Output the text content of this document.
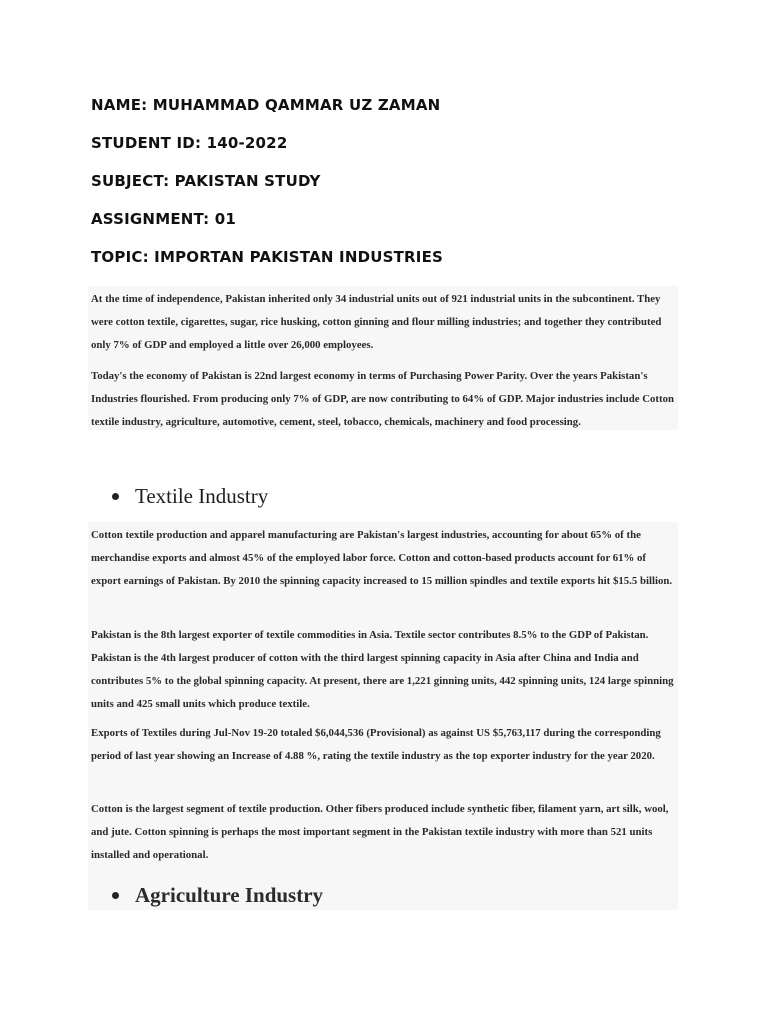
NAME: MUHAMMAD QAMMAR UZ ZAMAN

STUDENT ID: 140-2022

SUBJECT: PAKISTAN STUDY

ASSIGNMENT: 01

TOPIC: IMPORTAN PAKISTAN INDUSTRIES

At the time of independence, Pakistan inherited only 34 industrial units out of 921 industrial units in the subcontinent. They were cotton textile, cigarettes, sugar, rice husking, cotton ginning and flour milling industries; and together they contributed only 7% of GDP and employed a little over 26,000 employees.

Today's the economy of Pakistan is 22nd largest economy in terms of Purchasing Power Parity. Over the years Pakistan's Industries flourished. From producing only 7% of GDP, are now contributing to 64% of GDP. Major industries include Cotton textile industry, agriculture, automotive, cement, steel, tobacco, chemicals, machinery and food processing.

Textile Industry

Cotton textile production and apparel manufacturing are Pakistan's largest industries, accounting for about 65% of the merchandise exports and almost 45% of the employed labor force. Cotton and cotton-based products account for 61% of export earnings of Pakistan. By 2010 the spinning capacity increased to 15 million spindles and textile exports hit $15.5 billion.

Pakistan is the 8th largest exporter of textile commodities in Asia. Textile sector contributes 8.5% to the GDP of Pakistan. Pakistan is the 4th largest producer of cotton with the third largest spinning capacity in Asia after China and India and contributes 5% to the global spinning capacity. At present, there are 1,221 ginning units, 442 spinning units, 124 large spinning units and 425 small units which produce textile.

Exports of Textiles during Jul-Nov 19-20 totaled $6,044,536 (Provisional) as against US $5,763,117 during the corresponding period of last year showing an Increase of 4.88 %, rating the textile industry as the top exporter industry for the year 2020.

Cotton is the largest segment of textile production. Other fibers produced include synthetic fiber, filament yarn, art silk, wool, and jute. Cotton spinning is perhaps the most important segment in the Pakistan textile industry with more than 521 units installed and operational.

Agriculture Industry
